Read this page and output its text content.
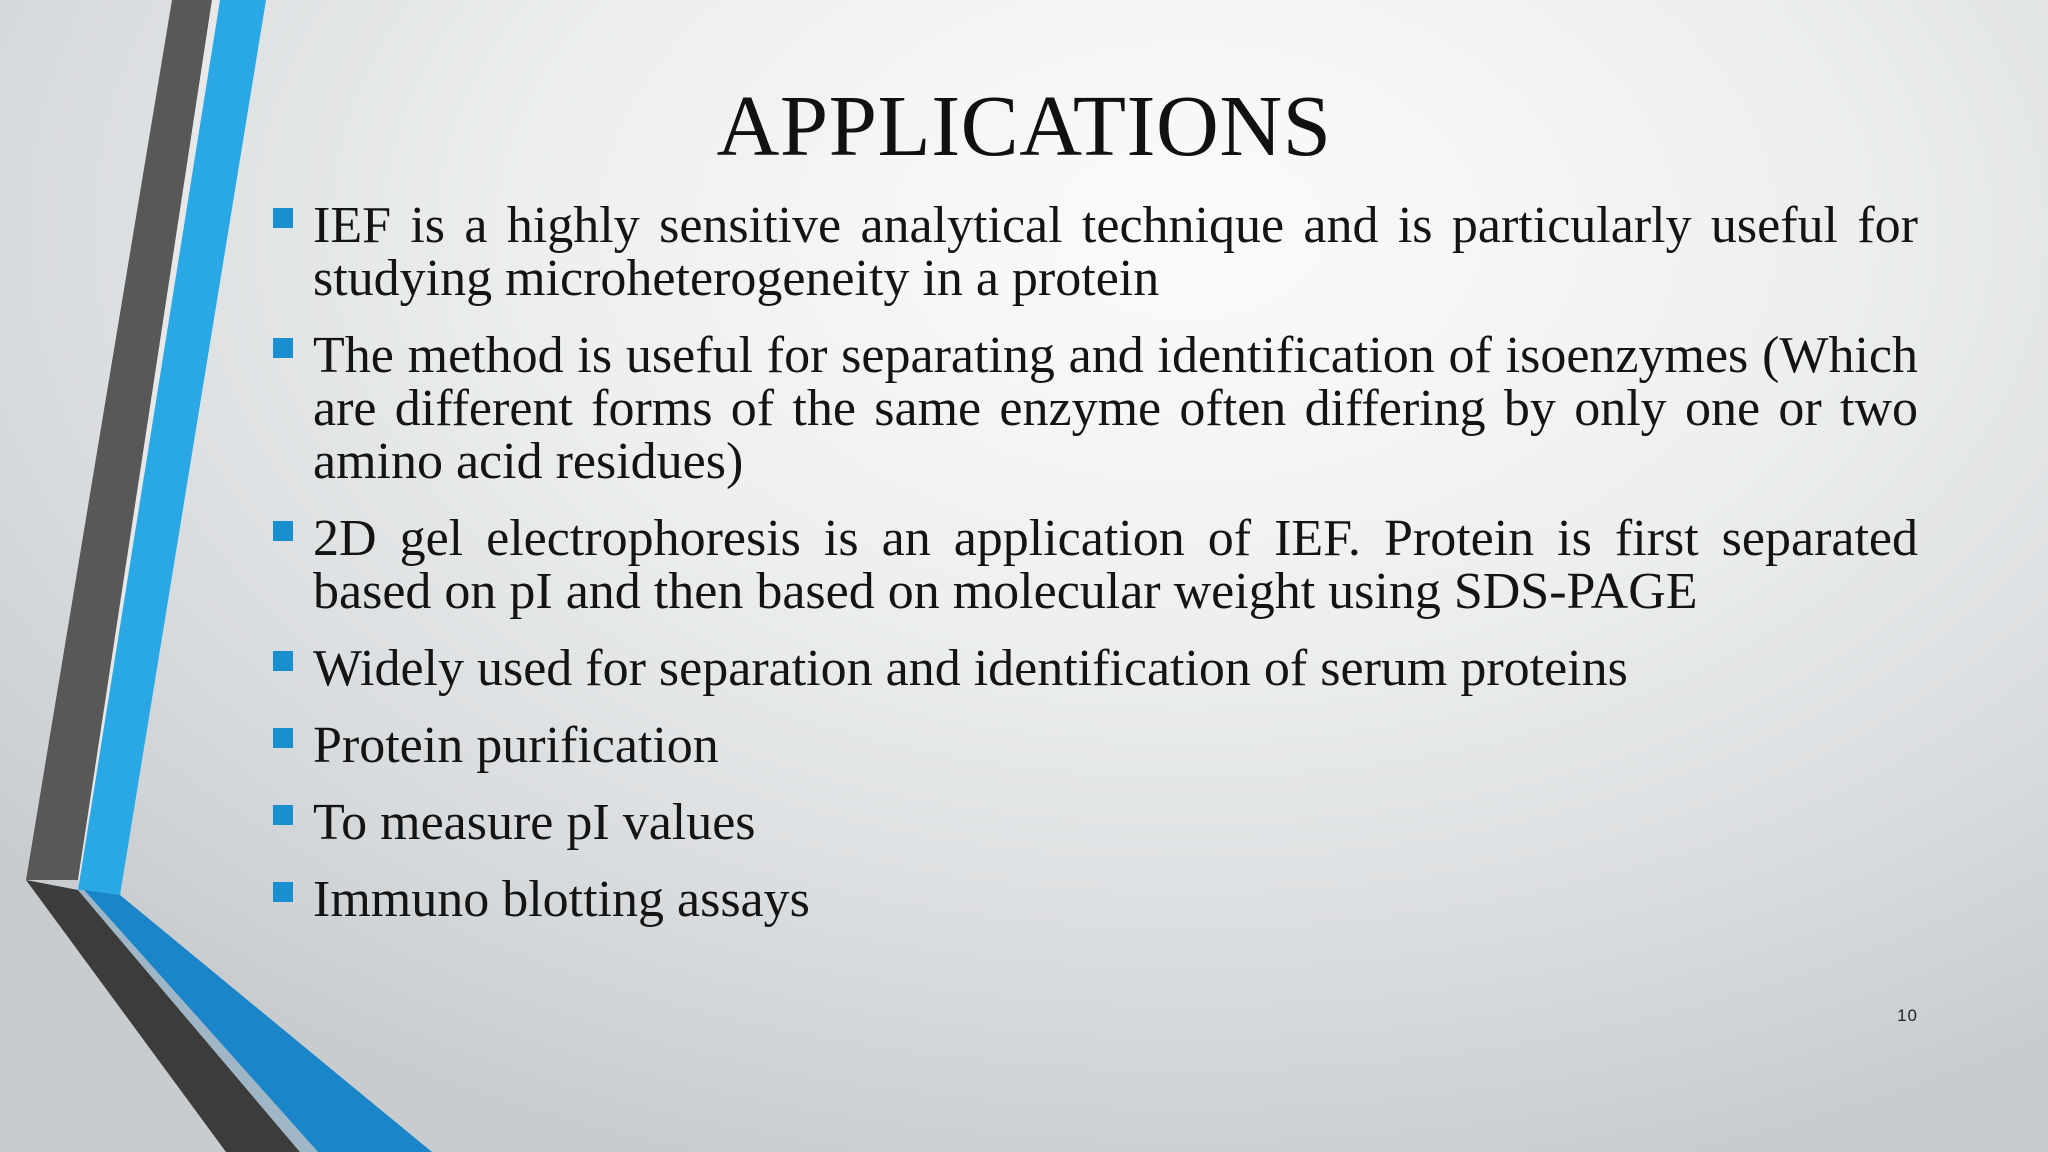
APPLICATIONS
IEF is a highly sensitive analytical technique and is particularly useful for studying microheterogeneity in a protein
The method is useful for separating and identification of isoenzymes (Which are different forms of the same enzyme often differing by only one or two amino acid residues)
2D gel electrophoresis is an application of IEF. Protein is first separated based on pI and then based on molecular weight using SDS-PAGE
Widely used for separation and identification of serum proteins
Protein purification
To measure pI values
Immuno blotting assays
10
